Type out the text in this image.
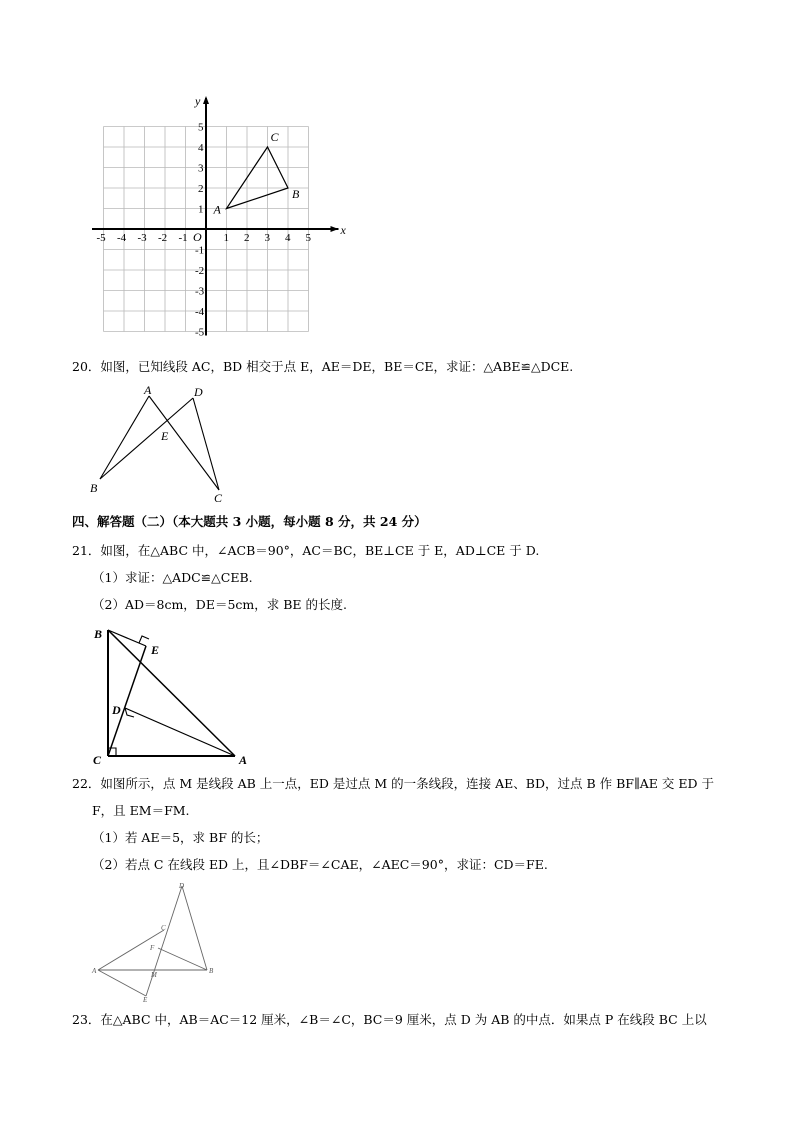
x
y
O
-5 -4 -3 -2 -1	1 2 3 4 5
5
4
3
2
1
-1
-2
-3
-4
-5
A
B
C
20．如图，已知线段 AC，BD 相交于点 E，AE＝DE，BE＝CE，求证：△ABE≌△DCE.
A	D
E
B
C
四、解答题（二）（本大题共 3 小题，每小题 8 分，共 24 分）
21．如图，在△ABC 中，∠ACB＝90°，AC＝BC，BE⊥CE 于 E，AD⊥CE 于 D.
（1）求证：△ADC≌△CEB.
（2）AD＝8cm，DE＝5cm，求 BE 的长度.
B
E
D
C	A
22．如图所示，点 M 是线段 AB 上一点，ED 是过点 M 的一条线段，连接 AE、BD，过点 B 作 BF∥AE 交 ED 于
F，且 EM＝FM.
（1）若 AE＝5，求 BF 的长；
（2）若点 C 在线段 ED 上，且∠DBF＝∠CAE，∠AEC＝90°，求证：CD＝FE.
D
C
F
A	M	B
E
23．在△ABC 中，AB＝AC＝12 厘米，∠B＝∠C，BC＝9 厘米，点 D 为 AB 的中点．如果点 P 在线段 BC 上以
